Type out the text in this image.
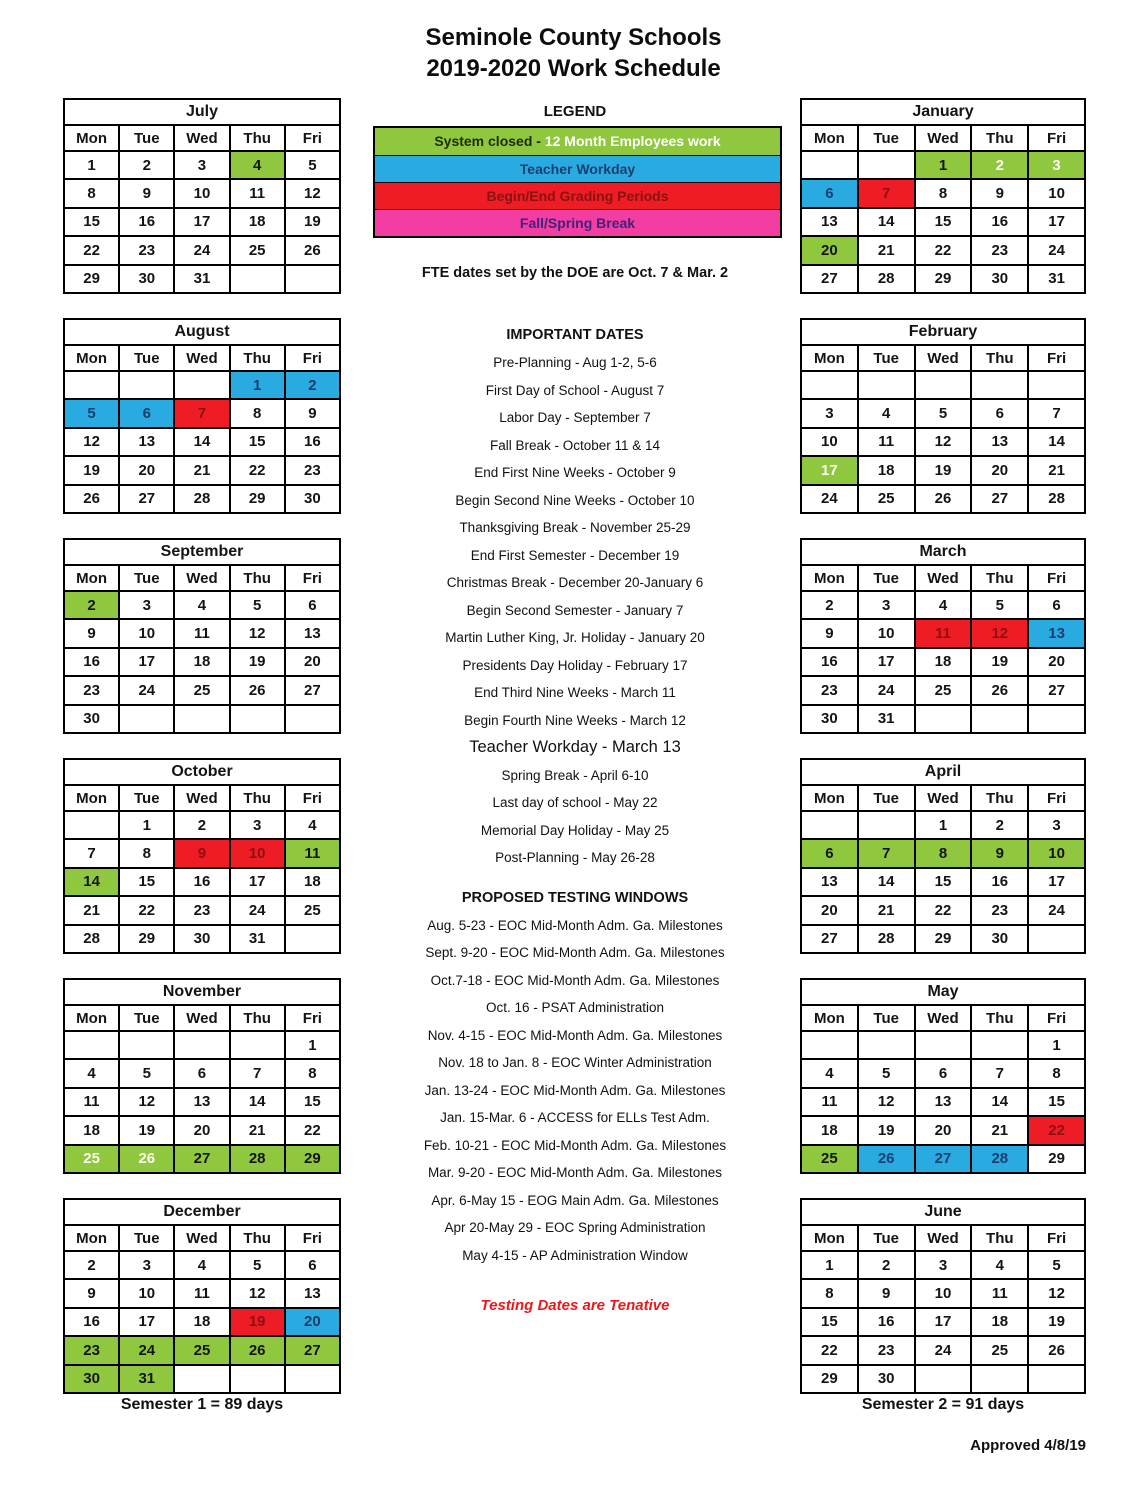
Seminole County Schools
2019-2020 Work Schedule
LEGEND
System closed - 12 Month Employees work
Teacher Workday
Begin/End Grading Periods
Fall/Spring Break
FTE dates set by the DOE are Oct. 7 & Mar. 2
IMPORTANT DATES
Pre-Planning - Aug 1-2, 5-6
First Day of School - August 7
Labor Day - September 7
Fall Break - October 11 & 14
End First Nine Weeks - October 9
Begin Second Nine Weeks - October 10
Thanksgiving Break - November 25-29
End First Semester - December 19
Christmas Break - December 20-January 6
Begin Second Semester - January 7
Martin Luther King, Jr. Holiday - January 20
Presidents Day Holiday - February 17
End Third Nine Weeks - March 11
Begin Fourth Nine Weeks - March 12
Teacher Workday - March 13
Spring Break - April 6-10
Last day of school - May 22
Memorial Day Holiday - May 25
Post-Planning - May 26-28
PROPOSED TESTING WINDOWS
Aug. 5-23 - EOC Mid-Month Adm. Ga. Milestones
Sept. 9-20 - EOC Mid-Month Adm. Ga. Milestones
Oct.7-18 - EOC Mid-Month Adm. Ga. Milestones
Oct. 16 - PSAT Administration
Nov. 4-15 - EOC Mid-Month Adm. Ga. Milestones
Nov. 18 to Jan. 8 - EOC Winter Administration
Jan. 13-24 - EOC Mid-Month Adm. Ga. Milestones
Jan. 15-Mar. 6 - ACCESS for ELLs Test Adm.
Feb. 10-21 - EOC Mid-Month Adm. Ga. Milestones
Mar. 9-20 - EOC Mid-Month Adm. Ga. Milestones
Apr. 6-May 15 - EOG Main Adm. Ga. Milestones
Apr 20-May 29 - EOC Spring Administration
May 4-15 - AP Administration Window
Testing Dates are Tenative
July				
Mon	Tue	Wed	Thu	Fri
1	2	3	4	5
8	9	10	11	12
15	16	17	18	19
22	23	24	25	26
29	30	31		
August				
Mon	Tue	Wed	Thu	Fri
			1	2
5	6	7	8	9
12	13	14	15	16
19	20	21	22	23
26	27	28	29	30
September				
Mon	Tue	Wed	Thu	Fri
2	3	4	5	6
9	10	11	12	13
16	17	18	19	20
23	24	25	26	27
30				
October				
Mon	Tue	Wed	Thu	Fri
	1	2	3	4
7	8	9	10	11
14	15	16	17	18
21	22	23	24	25
28	29	30	31	
November				
Mon	Tue	Wed	Thu	Fri
				1
4	5	6	7	8
11	12	13	14	15
18	19	20	21	22
25	26	27	28	29
December				
Mon	Tue	Wed	Thu	Fri
2	3	4	5	6
9	10	11	12	13
16	17	18	19	20
23	24	25	26	27
30	31			
January				
Mon	Tue	Wed	Thu	Fri
		1	2	3
6	7	8	9	10
13	14	15	16	17
20	21	22	23	24
27	28	29	30	31
February				
Mon	Tue	Wed	Thu	Fri

3	4	5	6	7
10	11	12	13	14
17	18	19	20	21
24	25	26	27	28
March				
Mon	Tue	Wed	Thu	Fri
2	3	4	5	6
9	10	11	12	13
16	17	18	19	20
23	24	25	26	27
30	31			
April				
Mon	Tue	Wed	Thu	Fri
		1	2	3
6	7	8	9	10
13	14	15	16	17
20	21	22	23	24
27	28	29	30	
May				
Mon	Tue	Wed	Thu	Fri
				1
4	5	6	7	8
11	12	13	14	15
18	19	20	21	22
25	26	27	28	29
June				
Mon	Tue	Wed	Thu	Fri
1	2	3	4	5
8	9	10	11	12
15	16	17	18	19
22	23	24	25	26
29	30			
Semester 1 = 89 days	Semester 2 = 91 days
Approved 4/8/19
